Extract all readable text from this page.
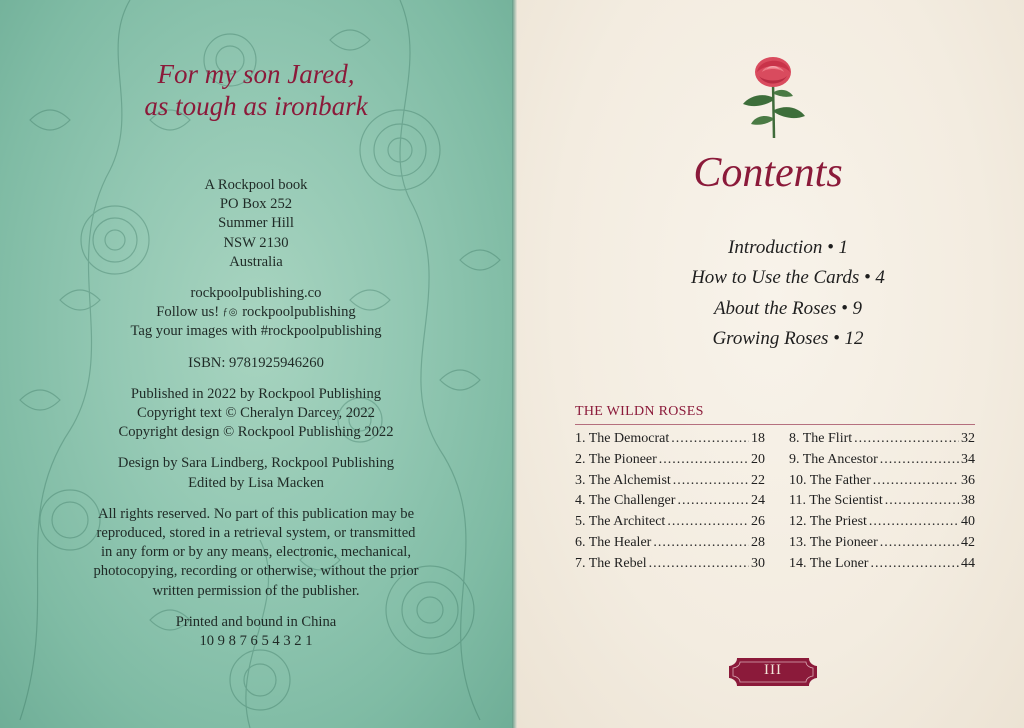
For my son Jared,
as tough as ironbark

A Rockpool book

PO Box 252

Summer Hill

NSW 2130

Australia

rockpoolpublishing.co

Follow us! ƒ◎ rockpoolpublishing

Tag your images with #rockpoolpublishing

ISBN: 9781925946260

Published in 2022 by Rockpool Publishing

Copyright text © Cheralyn Darcey, 2022

Copyright design © Rockpool Publishing 2022

Design by Sara Lindberg, Rockpool Publishing

Edited by Lisa Macken

All rights reserved. No part of this publication may be

reproduced, stored in a retrieval system, or transmitted

in any form or by any means, electronic, mechanical,

photocopying, recording or otherwise, without the prior

written permission of the publisher.

Printed and bound in China

10 9 8 7 6 5 4 3 2 1

Contents
Introduction • 1
How to Use the Cards • 4
About the Roses • 9
Growing Roses • 12
THE WILDN ROSES
1. The Democrat .....	18
2. The Pioneer .....	20
3. The Alchemist .....	22
4. The Challenger .....	24
5. The Architect .....	26
6. The Healer .....	28
7. The Rebel .....	30
8. The Flirt .....	32
9. The Ancestor .....	34
10. The Father .....	36
11. The Scientist .....	38
12. The Priest .....	40
13. The Pioneer .....	42
14. The Loner .....	44
III
